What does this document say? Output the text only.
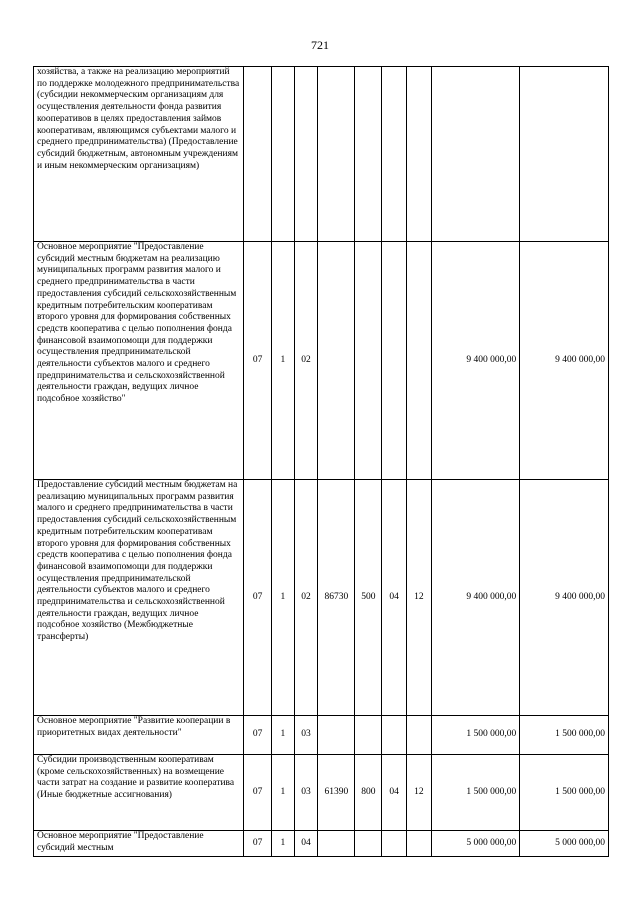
721
хозяйства, а также на реализацию мероприятий по поддержке молодежного предпринимательства (субсидии некоммерческим организациям для осуществления деятельности фонда развития кооперативов в целях предоставления займов кооперативам, являющимся субъектами малого и среднего предпринимательства) (Предоставление субсидий бюджетным, автономным учреждениям и иным некоммерческим организациям)									
Основное мероприятие "Предоставление субсидий местным бюджетам на реализацию муниципальных программ развития малого и среднего предпринимательства в части предоставления субсидий сельскохозяйственным кредитным потребительским кооперативам второго уровня для формирования собственных средств кооператива с целью пополнения фонда финансовой взаимопомощи для поддержки осуществления предпринимательской деятельности субъектов малого и среднего предпринимательства и сельскохозяйственной деятельности граждан, ведущих личное подсобное хозяйство"	07	1	02					9 400 000,00	9 400 000,00
Предоставление субсидий местным бюджетам на реализацию муниципальных программ развития малого и среднего предпринимательства в части предоставления субсидий сельскохозяйственным кредитным потребительским кооперативам второго уровня для формирования собственных средств кооператива с целью пополнения фонда финансовой взаимопомощи для поддержки осуществления предпринимательской деятельности субъектов малого и среднего предпринимательства и сельскохозяйственной деятельности граждан, ведущих личное подсобное хозяйство (Межбюджетные трансферты)	07	1	02	86730	500	04	12	9 400 000,00	9 400 000,00
Основное мероприятие "Развитие кооперации в приоритетных видах деятельности"	07	1	03					1 500 000,00	1 500 000,00
Субсидии производственным кооперативам (кроме сельскохозяйственных) на возмещение части затрат на создание и развитие кооператива (Иные бюджетные ассигнования)	07	1	03	61390	800	04	12	1 500 000,00	1 500 000,00
Основное мероприятие "Предоставление субсидий местным	07	1	04					5 000 000,00	5 000 000,00
